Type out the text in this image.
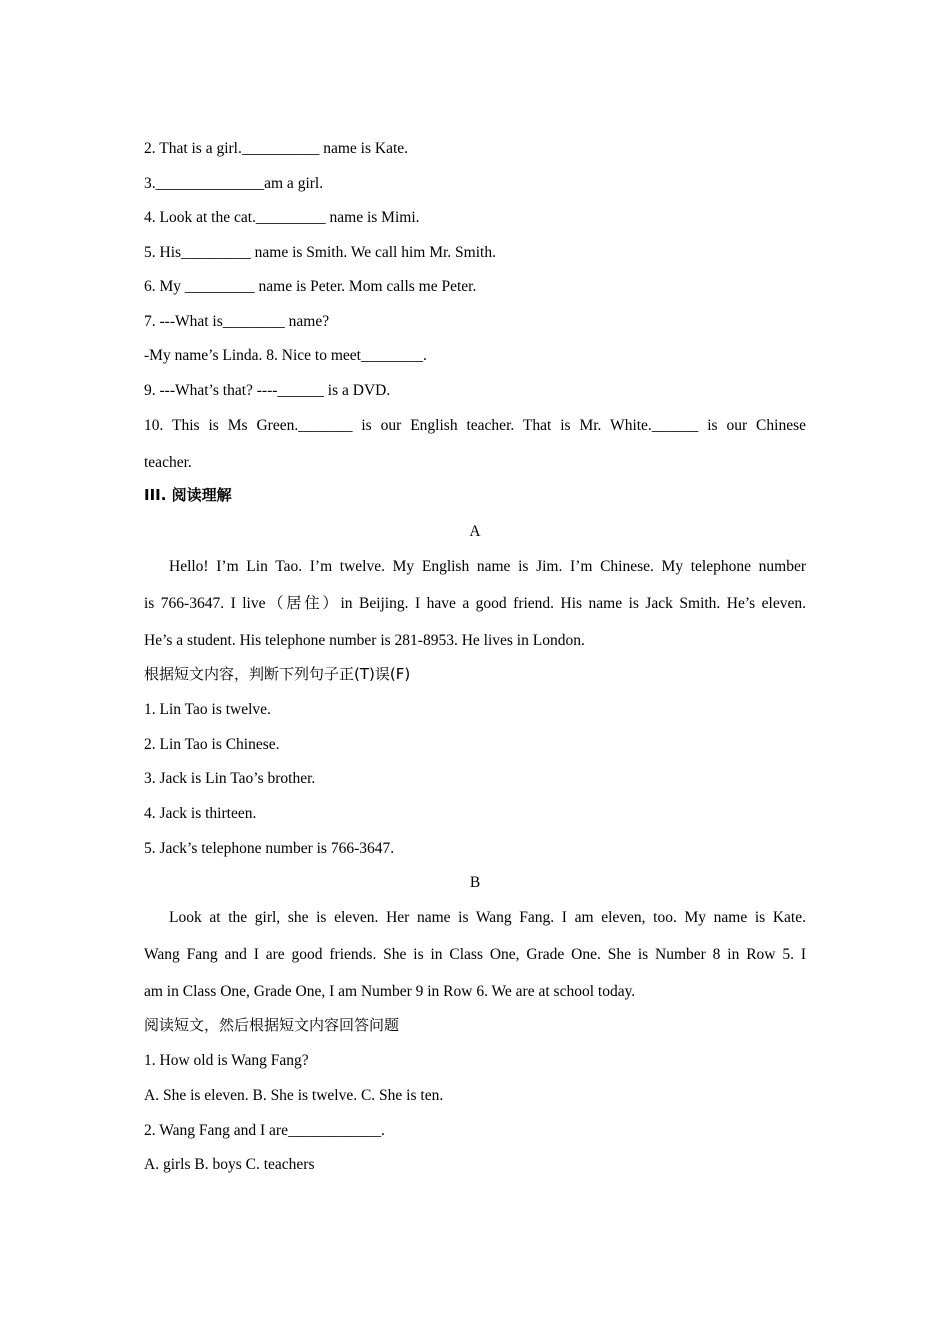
2. That is a girl.__________ name is Kate.
3.______________am a girl.
4. Look at the cat._________ name is Mimi.
5. His_________ name is Smith. We call him Mr. Smith.
6. My _________ name is Peter. Mom calls me Peter.
7. ---What is________ name?
-My name’s Linda. 8. Nice to meet________.
9. ---What’s that? ----______ is a DVD.
10. This is Ms Green._______ is our English teacher. That is Mr. White.______ is our Chinese
teacher.
III. 阅读理解
A
Hello! I’m Lin Tao. I’m twelve. My English name is Jim. I’m Chinese. My telephone number
is 766-3647. I live（居住）in Beijing. I have a good friend. His name is Jack Smith. He’s eleven.
He’s a student. His telephone number is 281-8953. He lives in London.
根据短文内容，判断下列句子正(T)误(F)
1. Lin Tao is twelve.
2. Lin Tao is Chinese.
3. Jack is Lin Tao’s brother.
4. Jack is thirteen.
5. Jack’s telephone number is 766-3647.
B
Look at the girl, she is eleven. Her name is Wang Fang. I am eleven, too. My name is Kate.
Wang Fang and I are good friends. She is in Class One, Grade One. She is Number 8 in Row 5. I
am in Class One, Grade One, I am Number 9 in Row 6. We are at school today.
阅读短文，然后根据短文内容回答问题
1. How old is Wang Fang?
A. She is eleven. B. She is twelve. C. She is ten.
2. Wang Fang and I are____________.
A. girls B. boys C. teachers
